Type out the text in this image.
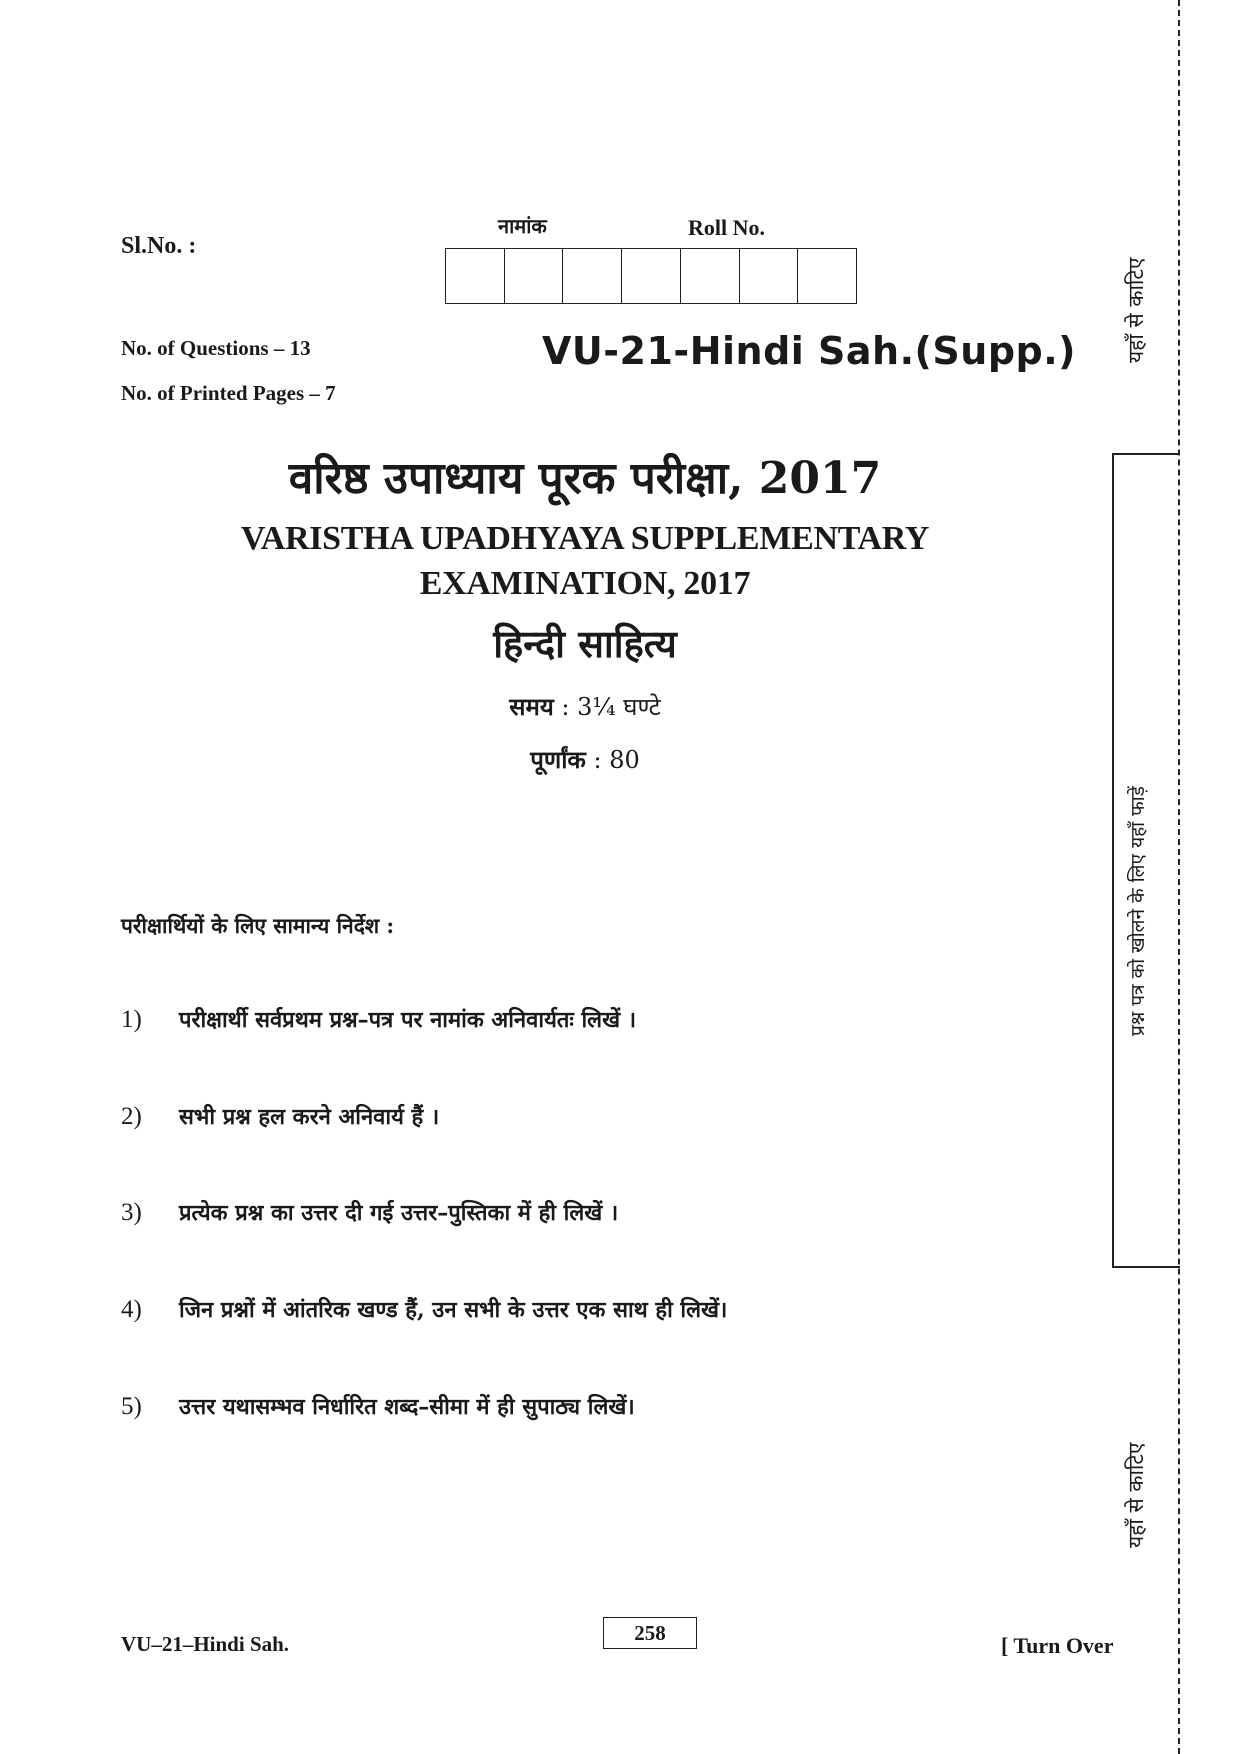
Sl.No. :
नामांक	Roll No.
No. of Questions – 13
No. of Printed Pages – 7
VU-21-Hindi Sah.(Supp.)
वरिष्ठ उपाध्याय पूरक परीक्षा, 2017
VARISTHA UPADHYAYA SUPPLEMENTARY
EXAMINATION, 2017
हिन्दी साहित्य
समय : 3¼ घण्टे
पूर्णांक : 80
परीक्षार्थियों के लिए सामान्य निर्देश :
1) परीक्षार्थी सर्वप्रथम प्रश्न–पत्र पर नामांक अनिवार्यतः लिखें ।
2) सभी प्रश्न हल करने अनिवार्य हैं ।
3) प्रत्येक प्रश्न का उत्तर दी गई उत्तर–पुस्तिका में ही लिखें ।
4) जिन प्रश्नों में आंतरिक खण्ड हैं, उन सभी के उत्तर एक साथ ही लिखें।
5) उत्तर यथासम्भव निर्धारित शब्द–सीमा में ही सुपाठ्य लिखें।
VU–21–Hindi Sah.	258	[ Turn Over
यहाँ से काटिए
प्रश्न पत्र को खोलने के लिए यहाँ फाड़ें
यहाँ से काटिए
